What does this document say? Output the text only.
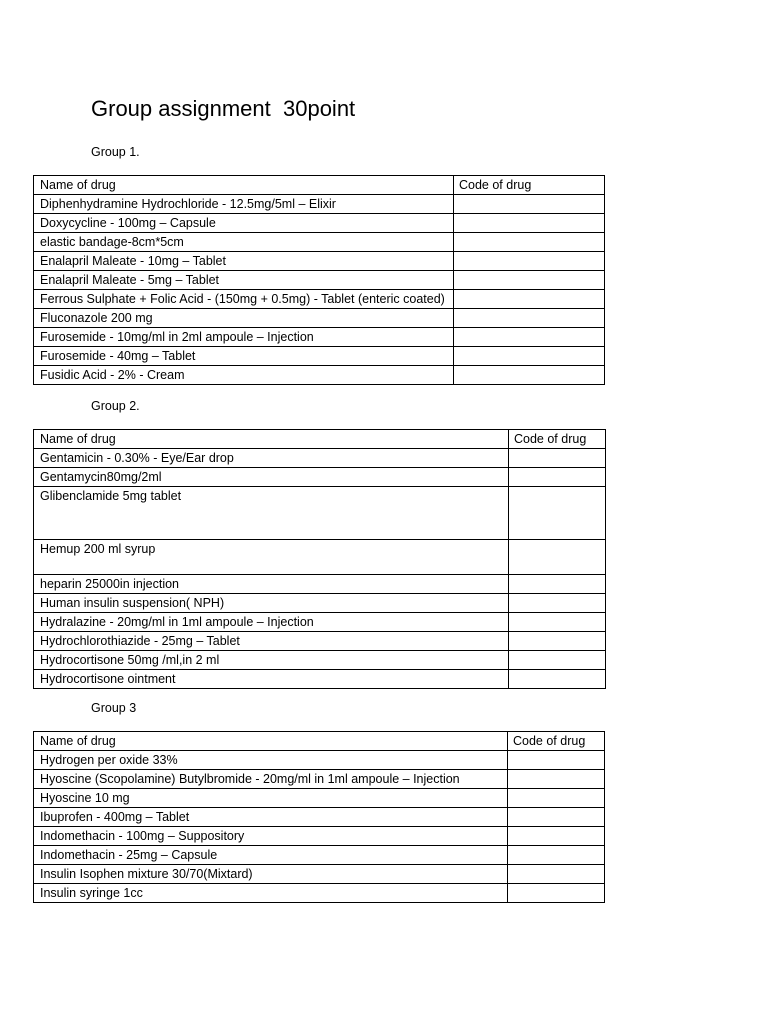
Group assignment  30point
Group 1.
Name of drug	Code of drug
Diphenhydramine Hydrochloride - 12.5mg/5ml – Elixir	
Doxycycline - 100mg – Capsule	
elastic bandage-8cm*5cm	
Enalapril Maleate - 10mg – Tablet	
Enalapril Maleate - 5mg – Tablet	
Ferrous Sulphate + Folic Acid - (150mg + 0.5mg) - Tablet (enteric coated)	
Fluconazole 200 mg	
Furosemide - 10mg/ml in 2ml ampoule – Injection	
Furosemide - 40mg – Tablet	
Fusidic Acid - 2% - Cream	
Group 2.
Name of drug	Code of drug
Gentamicin - 0.30% - Eye/Ear drop	
Gentamycin80mg/2ml	
Glibenclamide 5mg tablet	
Hemup 200 ml syrup	
heparin 25000in injection	
Human insulin suspension( NPH)	
Hydralazine - 20mg/ml in 1ml ampoule – Injection	
Hydrochlorothiazide - 25mg – Tablet	
Hydrocortisone 50mg /ml,in 2 ml	
Hydrocortisone ointment	
Group 3
Name of drug	Code of drug
Hydrogen per oxide 33%	
Hyoscine (Scopolamine) Butylbromide - 20mg/ml in 1ml ampoule – Injection	
Hyoscine 10 mg	
Ibuprofen - 400mg – Tablet	
Indomethacin - 100mg – Suppository	
Indomethacin - 25mg – Capsule	
Insulin Isophen mixture 30/70(Mixtard)	
Insulin syringe 1cc	
